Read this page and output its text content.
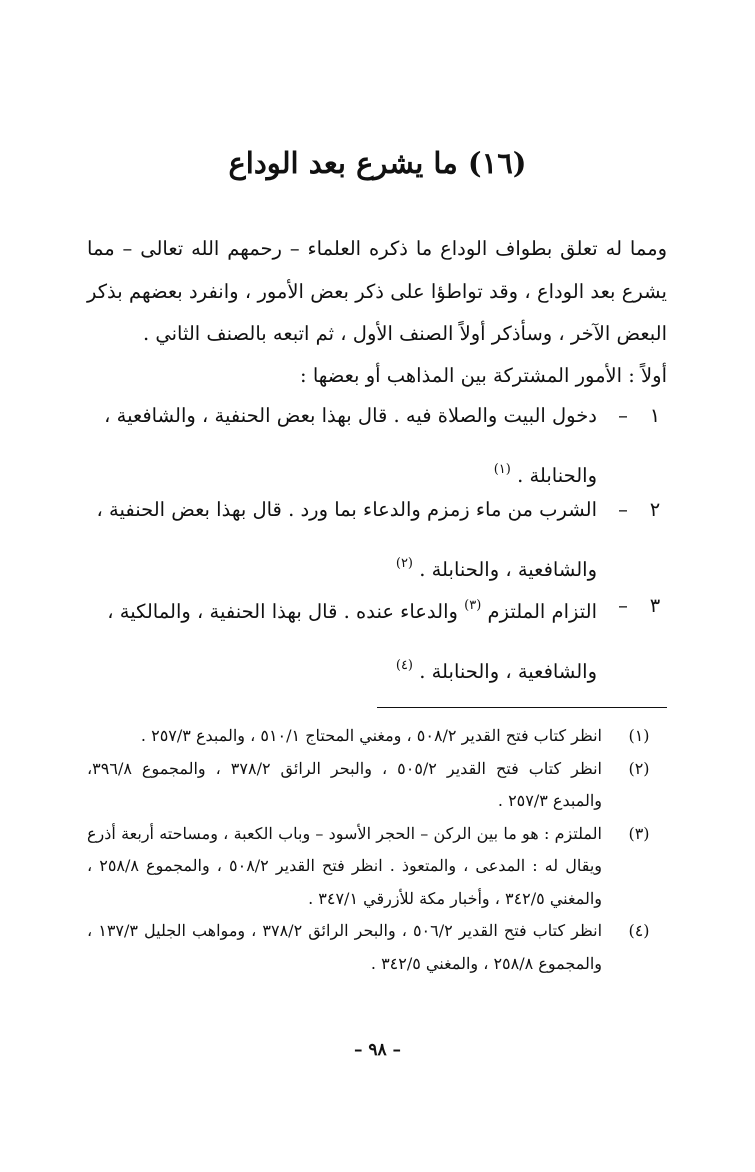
(١٦) ما يشرع بعد الوداع

ومما له تعلق بطواف الوداع ما ذكره العلماء – رحمهم الله تعالى – مما يشرع بعد الوداع ، وقد تواطؤا على ذكر بعض الأمور ، وانفرد بعضهم بذكر البعض الآخر ، وسأذكر أولاً الصنف الأول ، ثم اتبعه بالصنف الثاني .

أولاً : الأمور المشتركة بين المذاهب أو بعضها :
١
–
دخول البيت والصلاة فيه . قال بهذا بعض الحنفية ، والشافعية ،
والحنابلة . $^{(١)}$
٢
–
الشرب من ماء زمزم والدعاء بما ورد . قال بهذا بعض الحنفية ،
والشافعية ، والحنابلة . $^{(٢)}$
٣
–
التزام الملتزم $^{(٣)}$ والدعاء عنده . قال بهذا الحنفية ، والمالكية ،
والشافعية ، والحنابلة . $^{(٤)}$
(١)
انظر كتاب فتح القدير ٥٠٨/٢ ، ومغني المحتاج ٥١٠/١ ، والمبدع ٢٥٧/٣ .
(٢)
انظر كتاب فتح القدير ٥٠٥/٢ ، والبحر الرائق ٣٧٨/٢ ، والمجموع ٣٩٦/٨، والمبدع ٢٥٧/٣ .
(٣)
الملتزم : هو ما بين الركن – الحجر الأسود – وباب الكعبة ، ومساحته أربعة أذرع ويقال له : المدعى ، والمتعوذ . انظر فتح القدير ٥٠٨/٢ ، والمجموع ٢٥٨/٨ ، والمغني ٣٤٢/٥ ، وأخبار مكة للأزرقي ٣٤٧/١ .
(٤)
انظر كتاب فتح القدير ٥٠٦/٢ ، والبحر الرائق ٣٧٨/٢ ، ومواهب الجليل ١٣٧/٣ ، والمجموع ٢٥٨/٨ ، والمغني ٣٤٢/٥ .
– ٩٨ –
